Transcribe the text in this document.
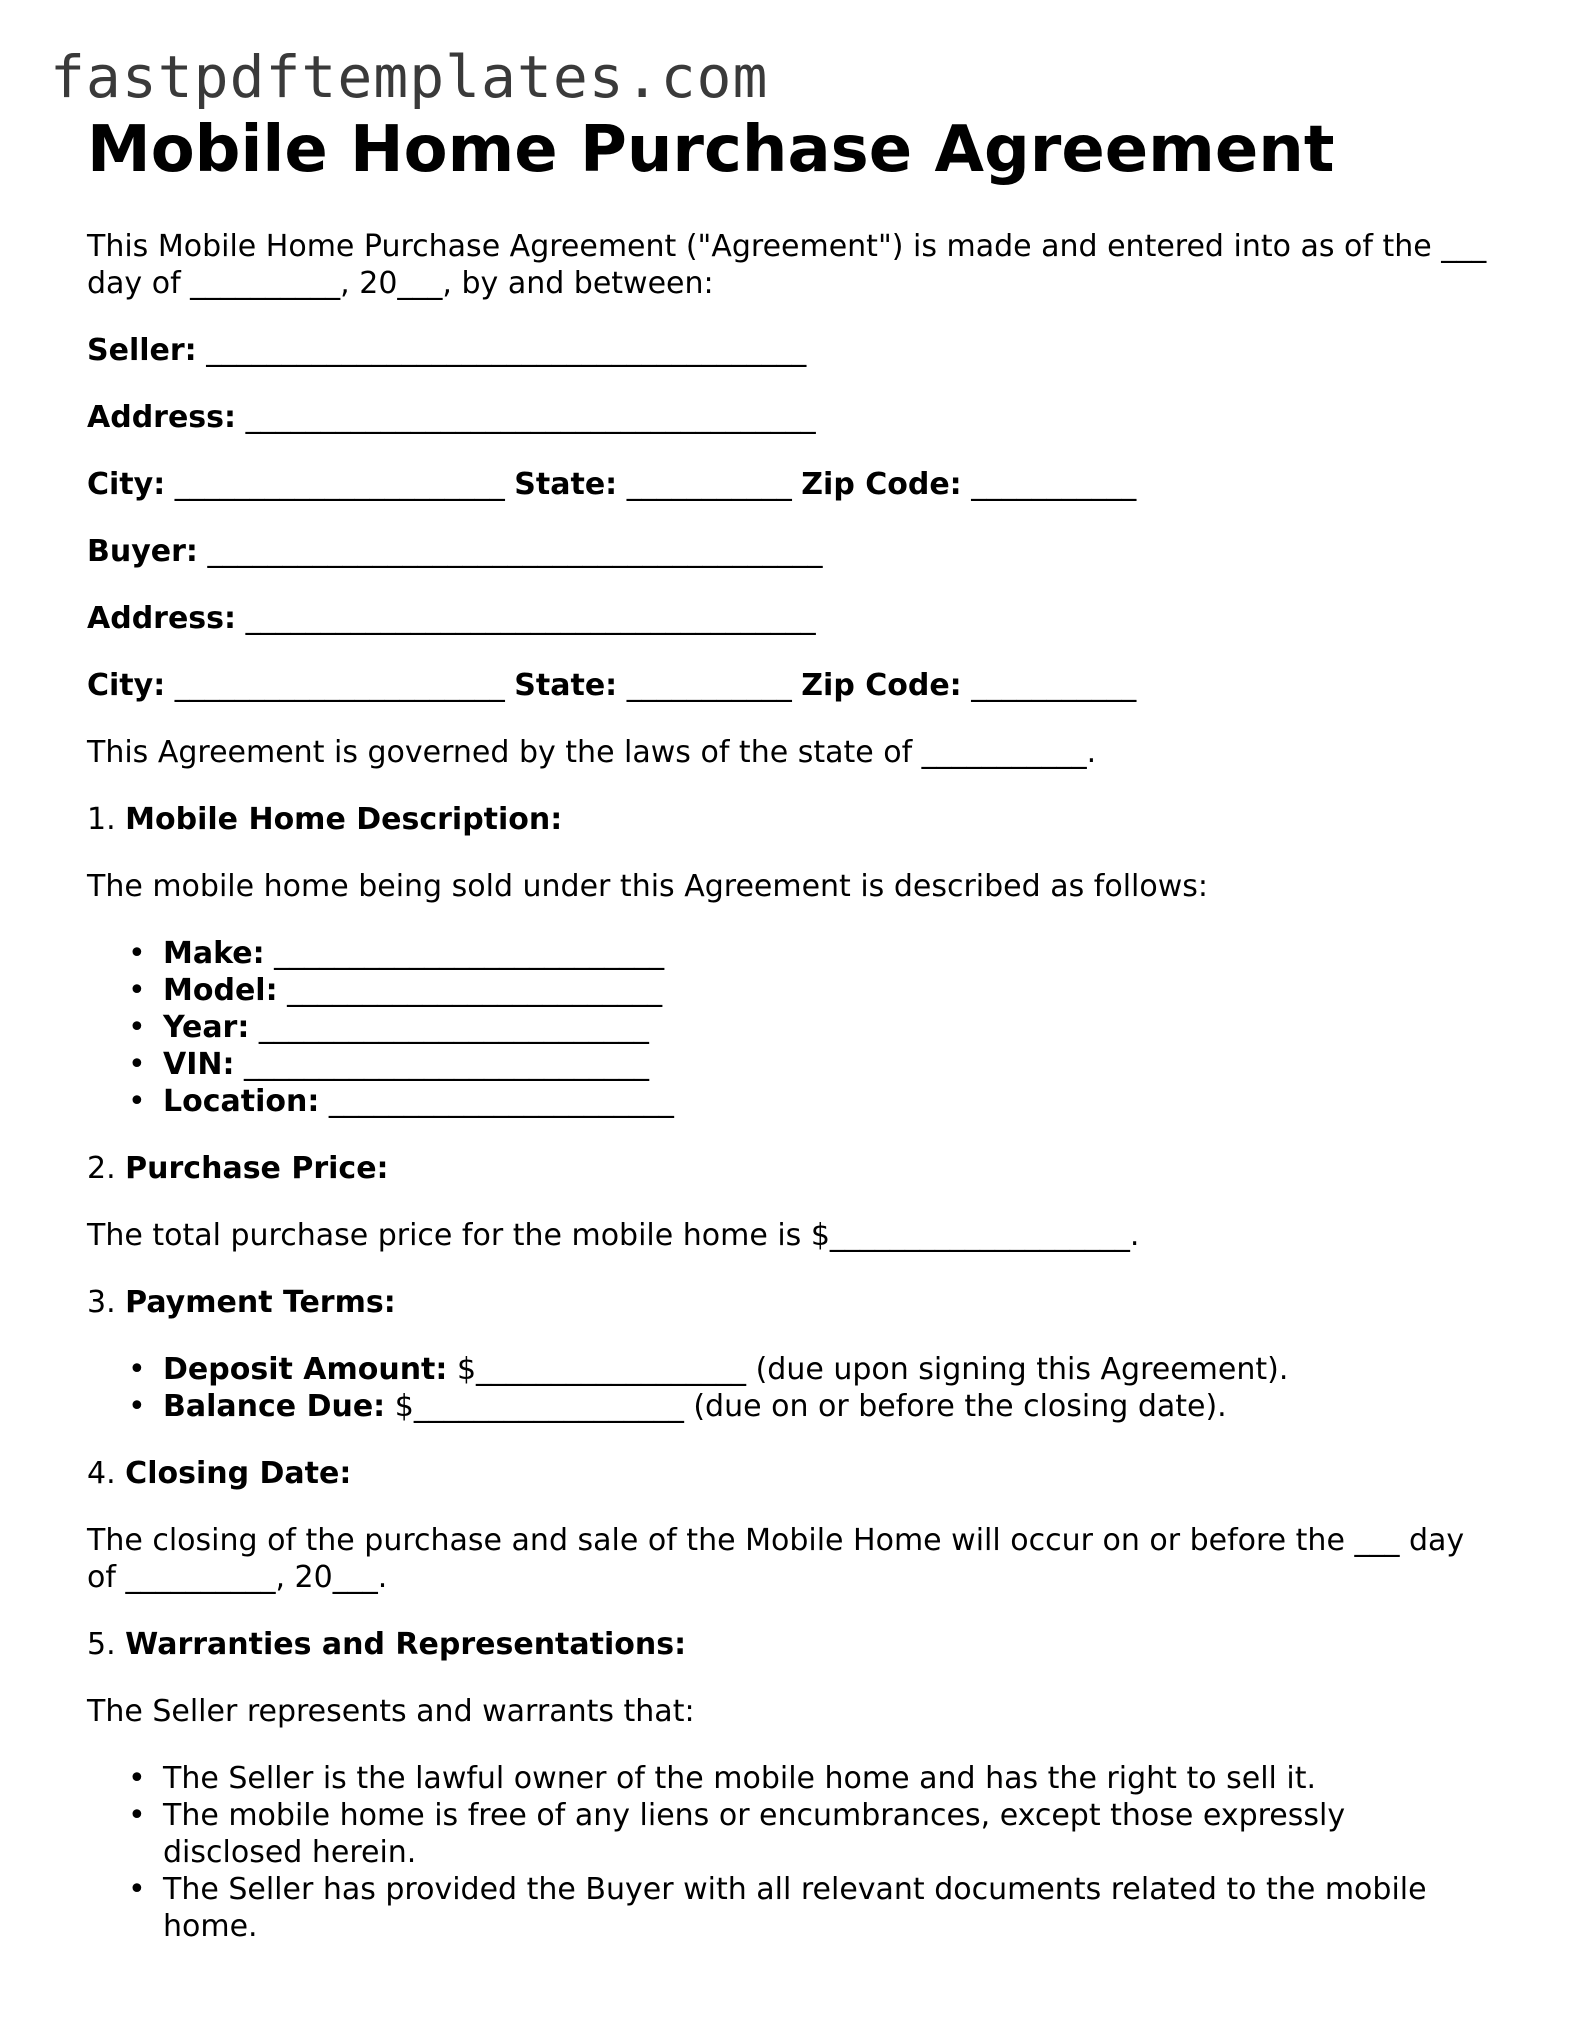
fastpdftemplates.com
Mobile Home Purchase Agreement

This Mobile Home Purchase Agreement ("Agreement") is made and entered into as of the ___ day of __________, 20___, by and between:

Seller: ________________________________________

Address: ______________________________________

City: ______________________ State: ___________ Zip Code: ___________

Buyer: _________________________________________

Address: ______________________________________

City: ______________________ State: ___________ Zip Code: ___________

This Agreement is governed by the laws of the state of ___________.

1. Mobile Home Description:

The mobile home being sold under this Agreement is described as follows:

• Make: __________________________
• Model: _________________________
• Year: __________________________
• VIN: ___________________________
• Location: _______________________

2. Purchase Price:

The total purchase price for the mobile home is $____________________.

3. Payment Terms:

• Deposit Amount: $__________________ (due upon signing this Agreement).
• Balance Due: $__________________ (due on or before the closing date).

4. Closing Date:

The closing of the purchase and sale of the Mobile Home will occur on or before the ___ day of __________, 20___.

5. Warranties and Representations:

The Seller represents and warrants that:

• The Seller is the lawful owner of the mobile home and has the right to sell it.
• The mobile home is free of any liens or encumbrances, except those expressly disclosed herein.
• The Seller has provided the Buyer with all relevant documents related to the mobile home.
